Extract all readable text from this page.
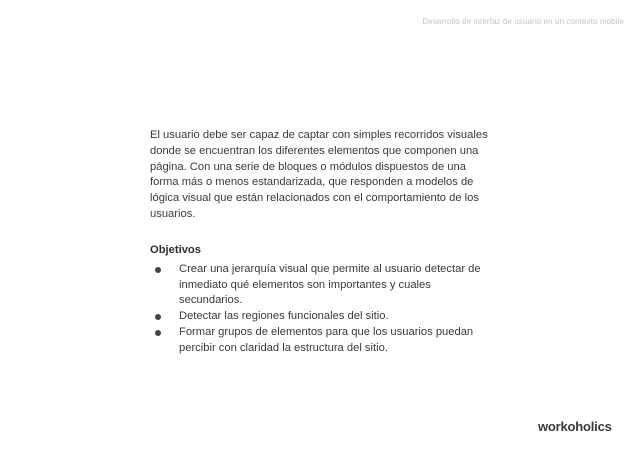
Desarrollo de interfaz de usuario en un contexto mobile

El usuario debe ser capaz de captar con simples recorridos visuales donde se encuentran los diferentes elementos que componen una página. Con una serie de bloques o módulos dispuestos de una forma más o menos estandarizada, que responden a modelos de lógica visual que están relacionados con el comportamiento de los usuarios.

Objetivos
Crear una jerarquía visual que permite al usuario detectar de inmediato qué elementos son importantes y cuales secundarios.
Detectar las regiones funcionales del sitio.
Formar grupos de elementos para que los usuarios puedan percibir con claridad la estructura del sitio.
workoholics
